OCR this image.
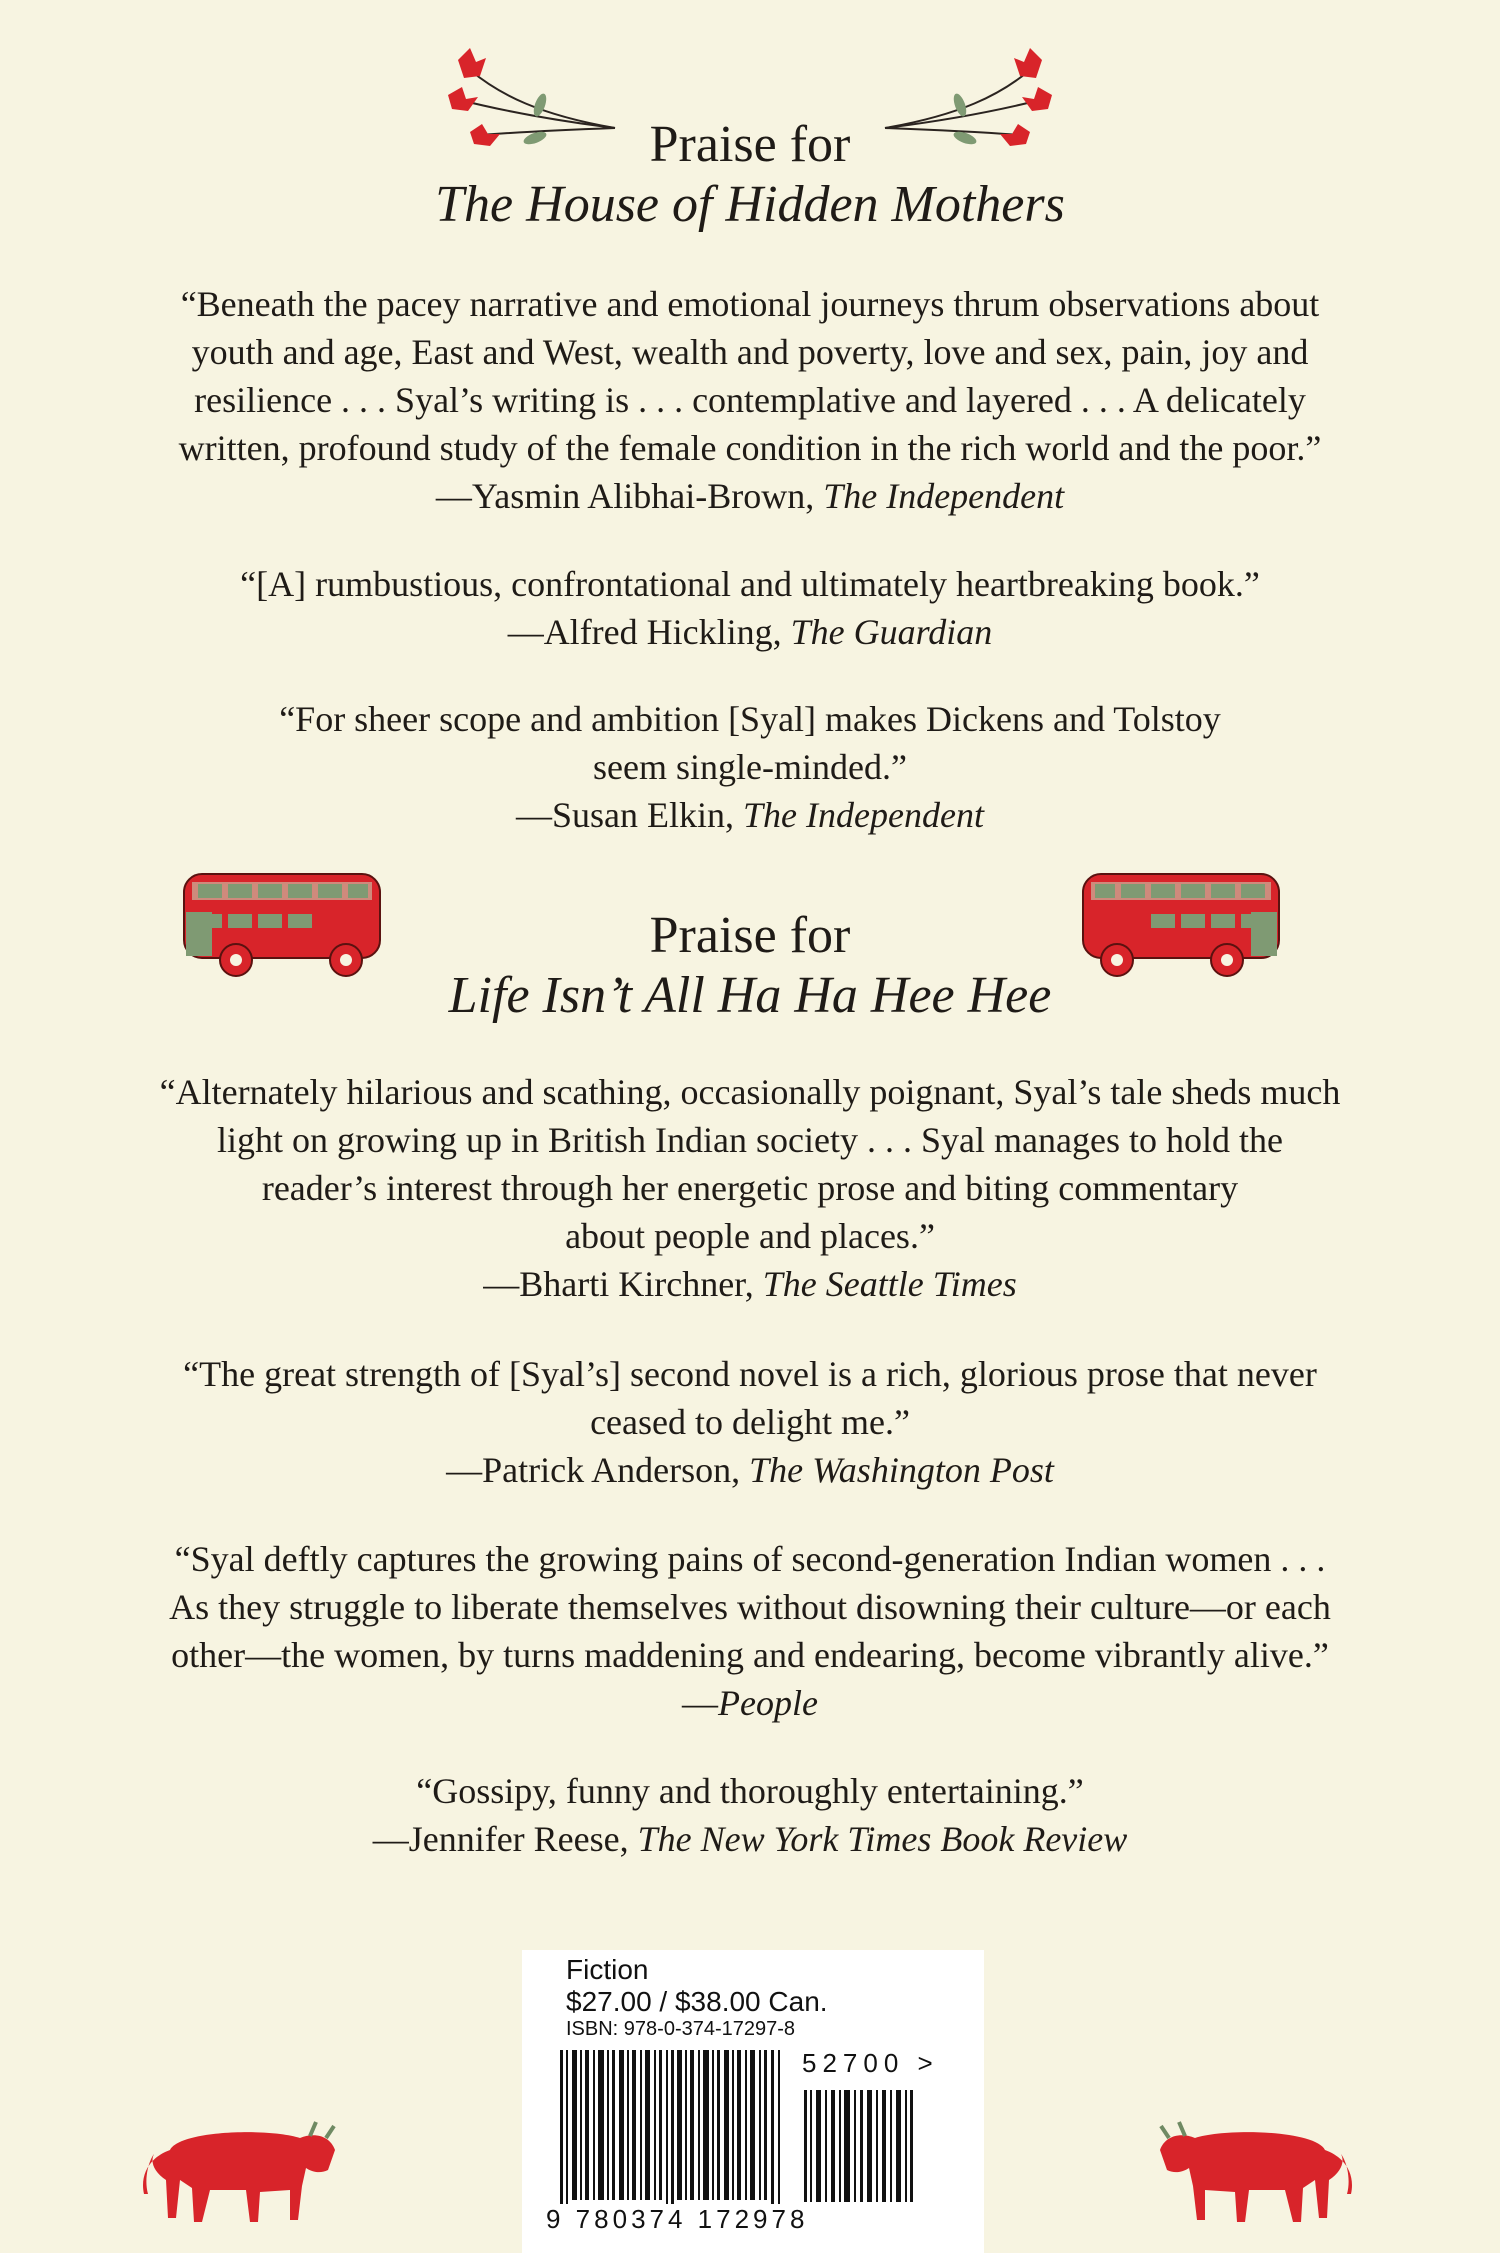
Praise for
The House of Hidden Mothers

“Beneath the pacey narrative and emotional journeys thrum observations about

youth and age, East and West, wealth and poverty, love and sex, pain, joy and

resilience . . . Syal’s writing is . . . contemplative and layered . . . A delicately

written, profound study of the female condition in the rich world and the poor.”

—Yasmin Alibhai-Brown, The Independent

“[A] rumbustious, confrontational and ultimately heartbreaking book.”

—Alfred Hickling, The Guardian

“For sheer scope and ambition [Syal] makes Dickens and Tolstoy

seem single-minded.”

—Susan Elkin, The Independent
Praise for
Life Isn’t All Ha Ha Hee Hee

“Alternately hilarious and scathing, occasionally poignant, Syal’s tale sheds much

light on growing up in British Indian society . . . Syal manages to hold the

reader’s interest through her energetic prose and biting commentary

about people and places.”

—Bharti Kirchner, The Seattle Times

“The great strength of [Syal’s] second novel is a rich, glorious prose that never

ceased to delight me.”

—Patrick Anderson, The Washington Post

“Syal deftly captures the growing pains of second-generation Indian women . . .

As they struggle to liberate themselves without disowning their culture—or each

other—the women, by turns maddening and endearing, become vibrantly alive.”

—People

“Gossipy, funny and thoroughly entertaining.”

—Jennifer Reese, The New York Times Book Review
Fiction
$27.00 / $38.00 Can.
ISBN: 978-0-374-17297-8
52700 >
9 780374 172978
